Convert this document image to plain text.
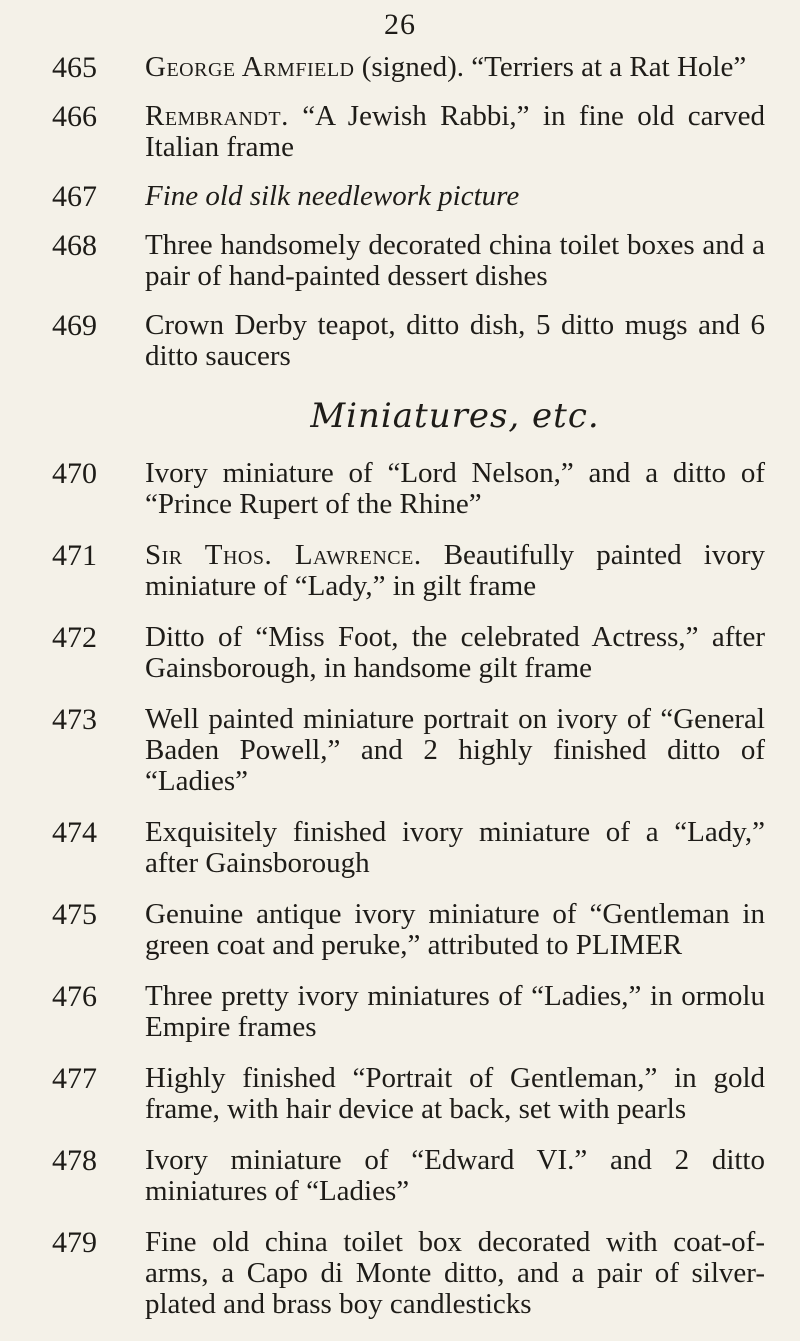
26
465	George Armfield (signed). “Terriers at a Rat Hole”
466	Rembrandt. “A Jewish Rabbi,” in fine old carved Italian frame
467	Fine old silk needlework picture
468	Three handsomely decorated china toilet boxes and a pair of hand-painted dessert dishes
469	Crown Derby teapot, ditto dish, 5 ditto mugs and 6 ditto saucers
Miniatures, etc.
470	Ivory miniature of “Lord Nelson,” and a ditto of “Prince Rupert of the Rhine”
471	Sir Thos. Lawrence. Beautifully painted ivory miniature of “Lady,” in gilt frame
472	Ditto of “Miss Foot, the celebrated Actress,” after Gainsborough, in handsome gilt frame
473	Well painted miniature portrait on ivory of “General Baden Powell,” and 2 highly finished ditto of “Ladies”
474	Exquisitely finished ivory miniature of a “Lady,” after Gainsborough
475	Genuine antique ivory miniature of “Gentleman in green coat and peruke,” attributed to PLIMER
476	Three pretty ivory miniatures of “Ladies,” in ormolu Empire frames
477	Highly finished “Portrait of Gentleman,” in gold frame, with hair device at back, set with pearls
478	Ivory miniature of “Edward VI.” and 2 ditto miniatures of “Ladies”
479	Fine old china toilet box decorated with coat-of-arms, a Capo di Monte ditto, and a pair of silver-plated and brass boy candlesticks
